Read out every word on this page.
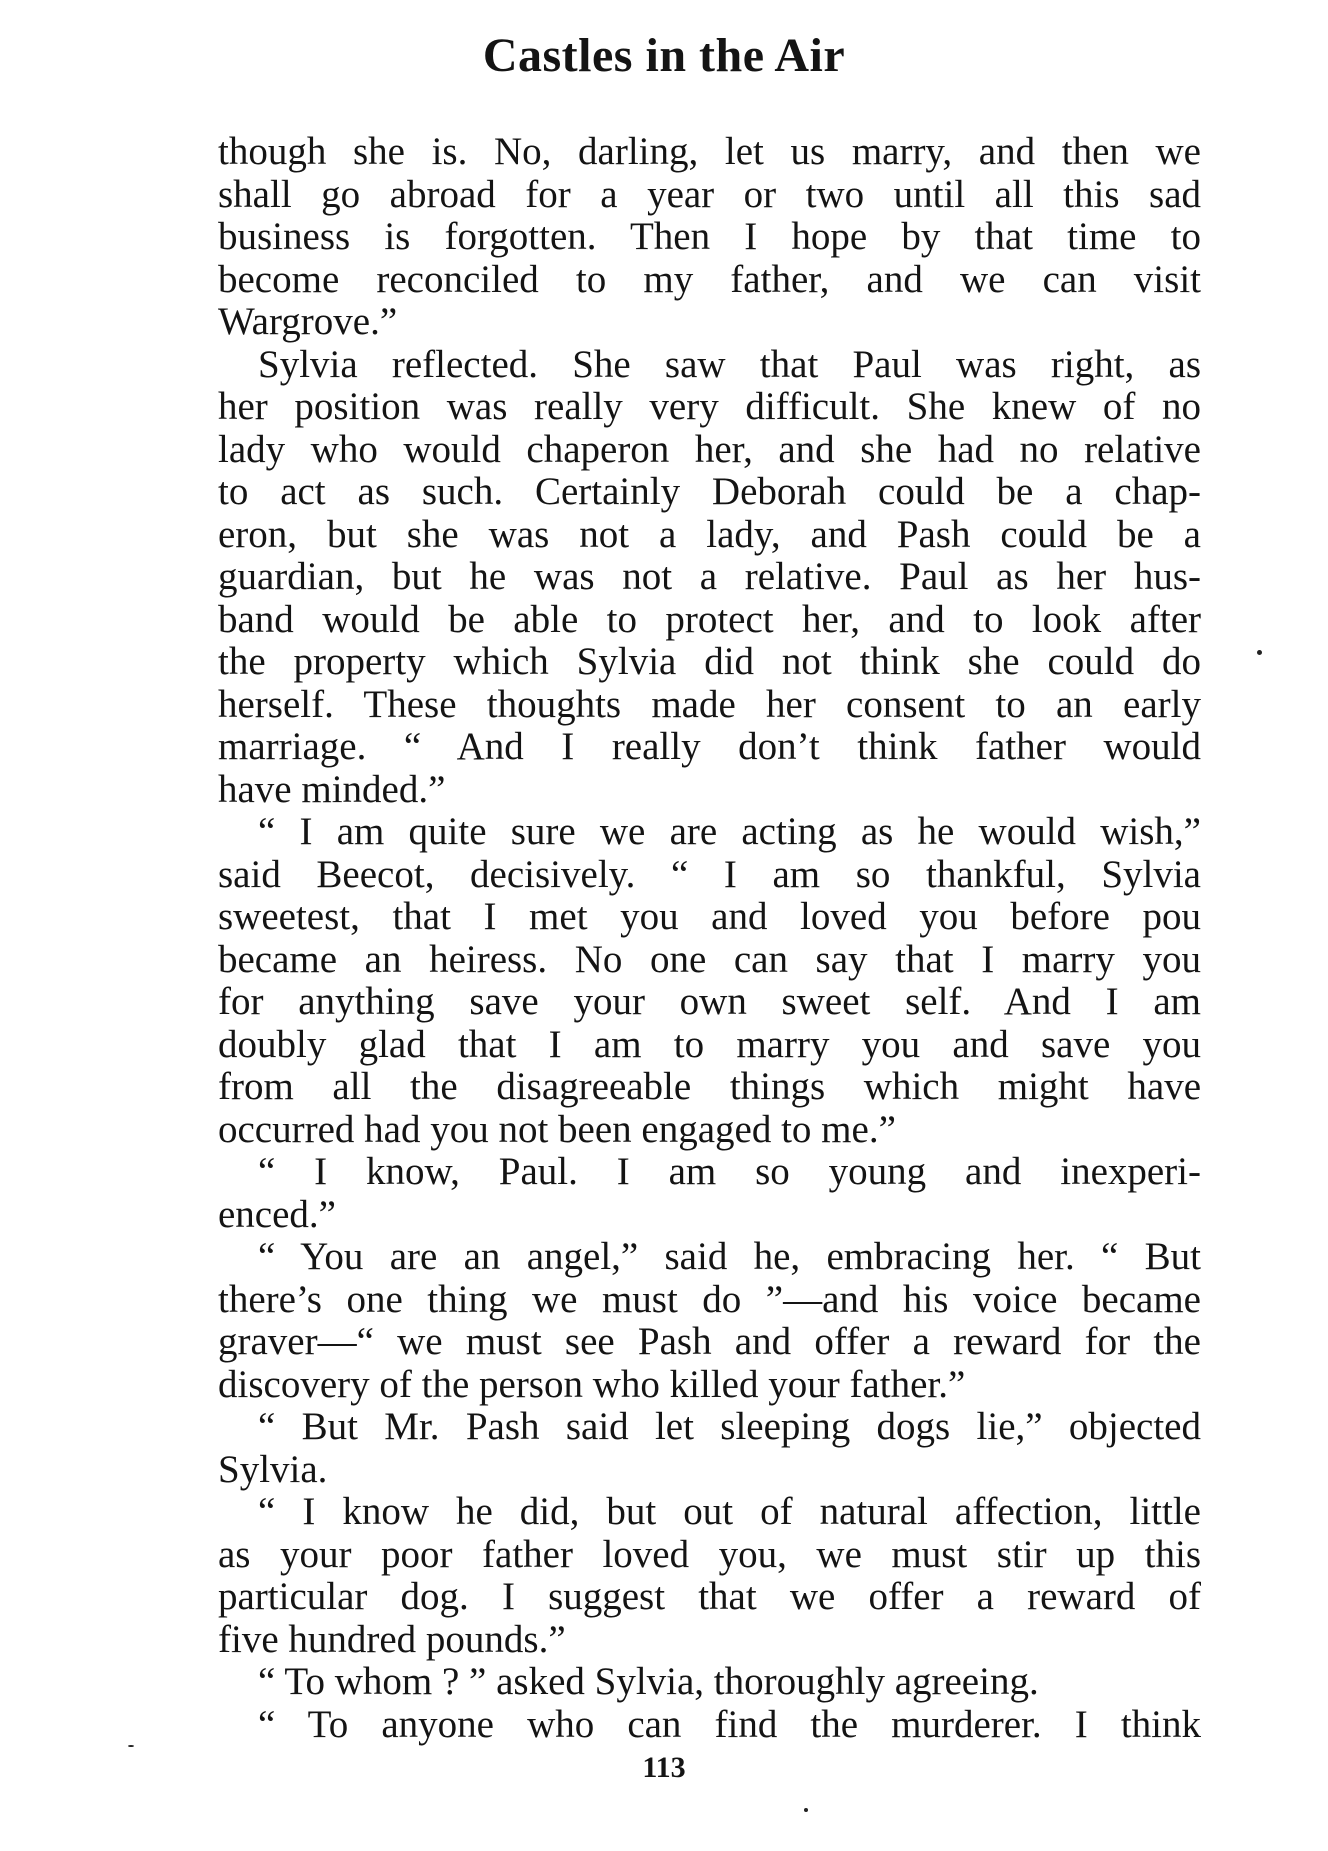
Castles in the Air
though she is. No, darling, let us marry, and then we
shall go abroad for a year or two until all this sad
business is forgotten. Then I hope by that time to
become reconciled to my father, and we can visit
Wargrove.”
Sylvia reflected. She saw that Paul was right, as
her position was really very difficult. She knew of no
lady who would chaperon her, and she had no relative
to act as such. Certainly Deborah could be a chap-
eron, but she was not a lady, and Pash could be a
guardian, but he was not a relative. Paul as her hus-
band would be able to protect her, and to look after
the property which Sylvia did not think she could do
herself. These thoughts made her consent to an early
marriage. “ And I really don’t think father would
have minded.”
“ I am quite sure we are acting as he would wish,”
said Beecot, decisively. “ I am so thankful, Sylvia
sweetest, that I met you and loved you before pou
became an heiress. No one can say that I marry you
for anything save your own sweet self. And I am
doubly glad that I am to marry you and save you
from all the disagreeable things which might have
occurred had you not been engaged to me.”
“ I know, Paul. I am so young and inexperi-
enced.”
“ You are an angel,” said he, embracing her. “ But
there’s one thing we must do ”—and his voice became
graver—“ we must see Pash and offer a reward for the
discovery of the person who killed your father.”
“ But Mr. Pash said let sleeping dogs lie,” objected
Sylvia.
“ I know he did, but out of natural affection, little
as your poor father loved you, we must stir up this
particular dog. I suggest that we offer a reward of
five hundred pounds.”
“ To whom ? ” asked Sylvia, thoroughly agreeing.
“ To anyone who can find the murderer. I think
113
